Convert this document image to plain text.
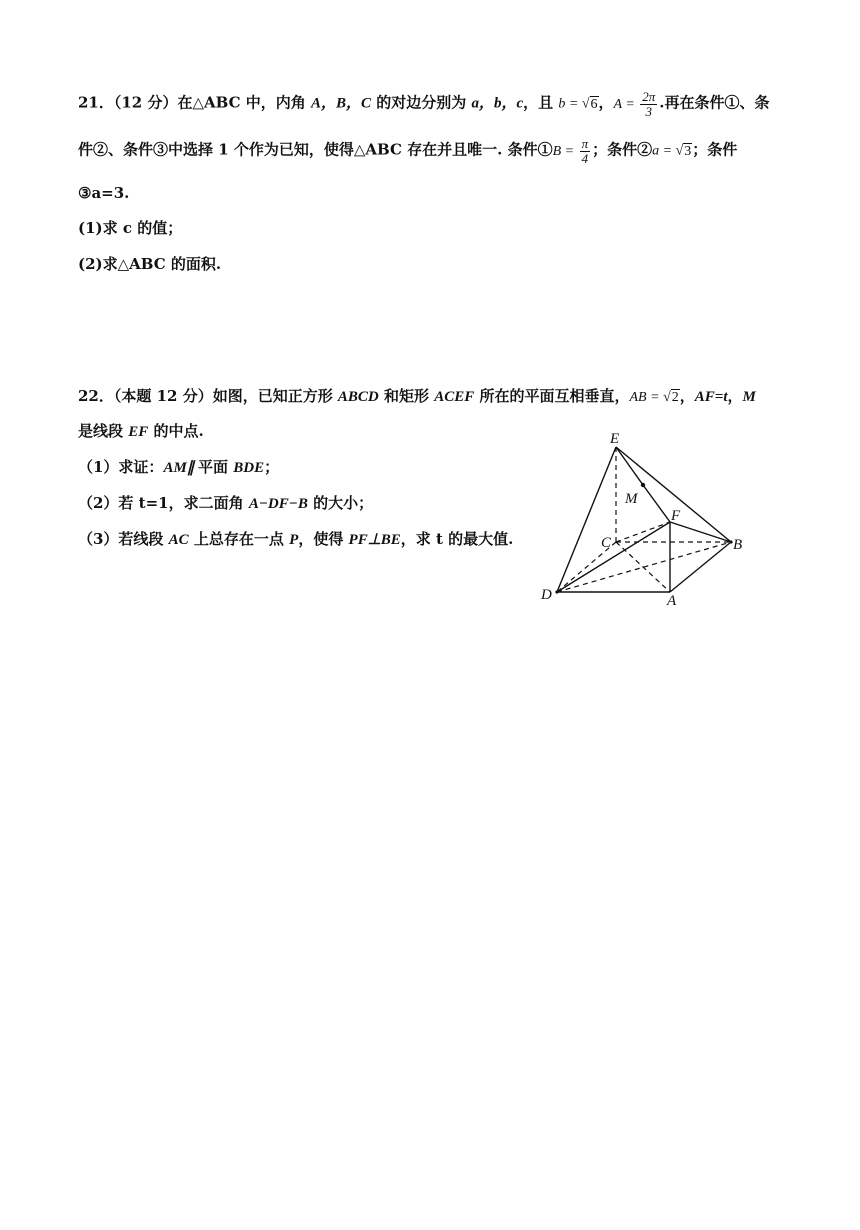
21．（12 分）在△ABC 中，内角 A，B，C 的对边分别为 a，b，c，且 b = √6，$A = \frac{2\pi}{3}$ .再在条件①、条
件②、条件③中选择 1 个作为已知，使得△ABC 存在并且唯一. 条件①B = $\frac{\pi}{4}$ ；条件②a = √3；条件
③a=3.
(1)求 c 的值；
(2)求△ABC 的面积.
22．（本题 12 分）如图，已知正方形 ABCD 和矩形 ACEF 所在的平面互相垂直，AB = √2，AF=t，M
是线段 EF 的中点.
（1）求证：AM∥ 平面 BDE；
（2）若 t=1，求二面角 A−DF−B 的大小；
（3）若线段 AC 上总存在一点 P，使得 PF⊥BE，求 t 的最大值.
E
M
F
C	B
D	A
